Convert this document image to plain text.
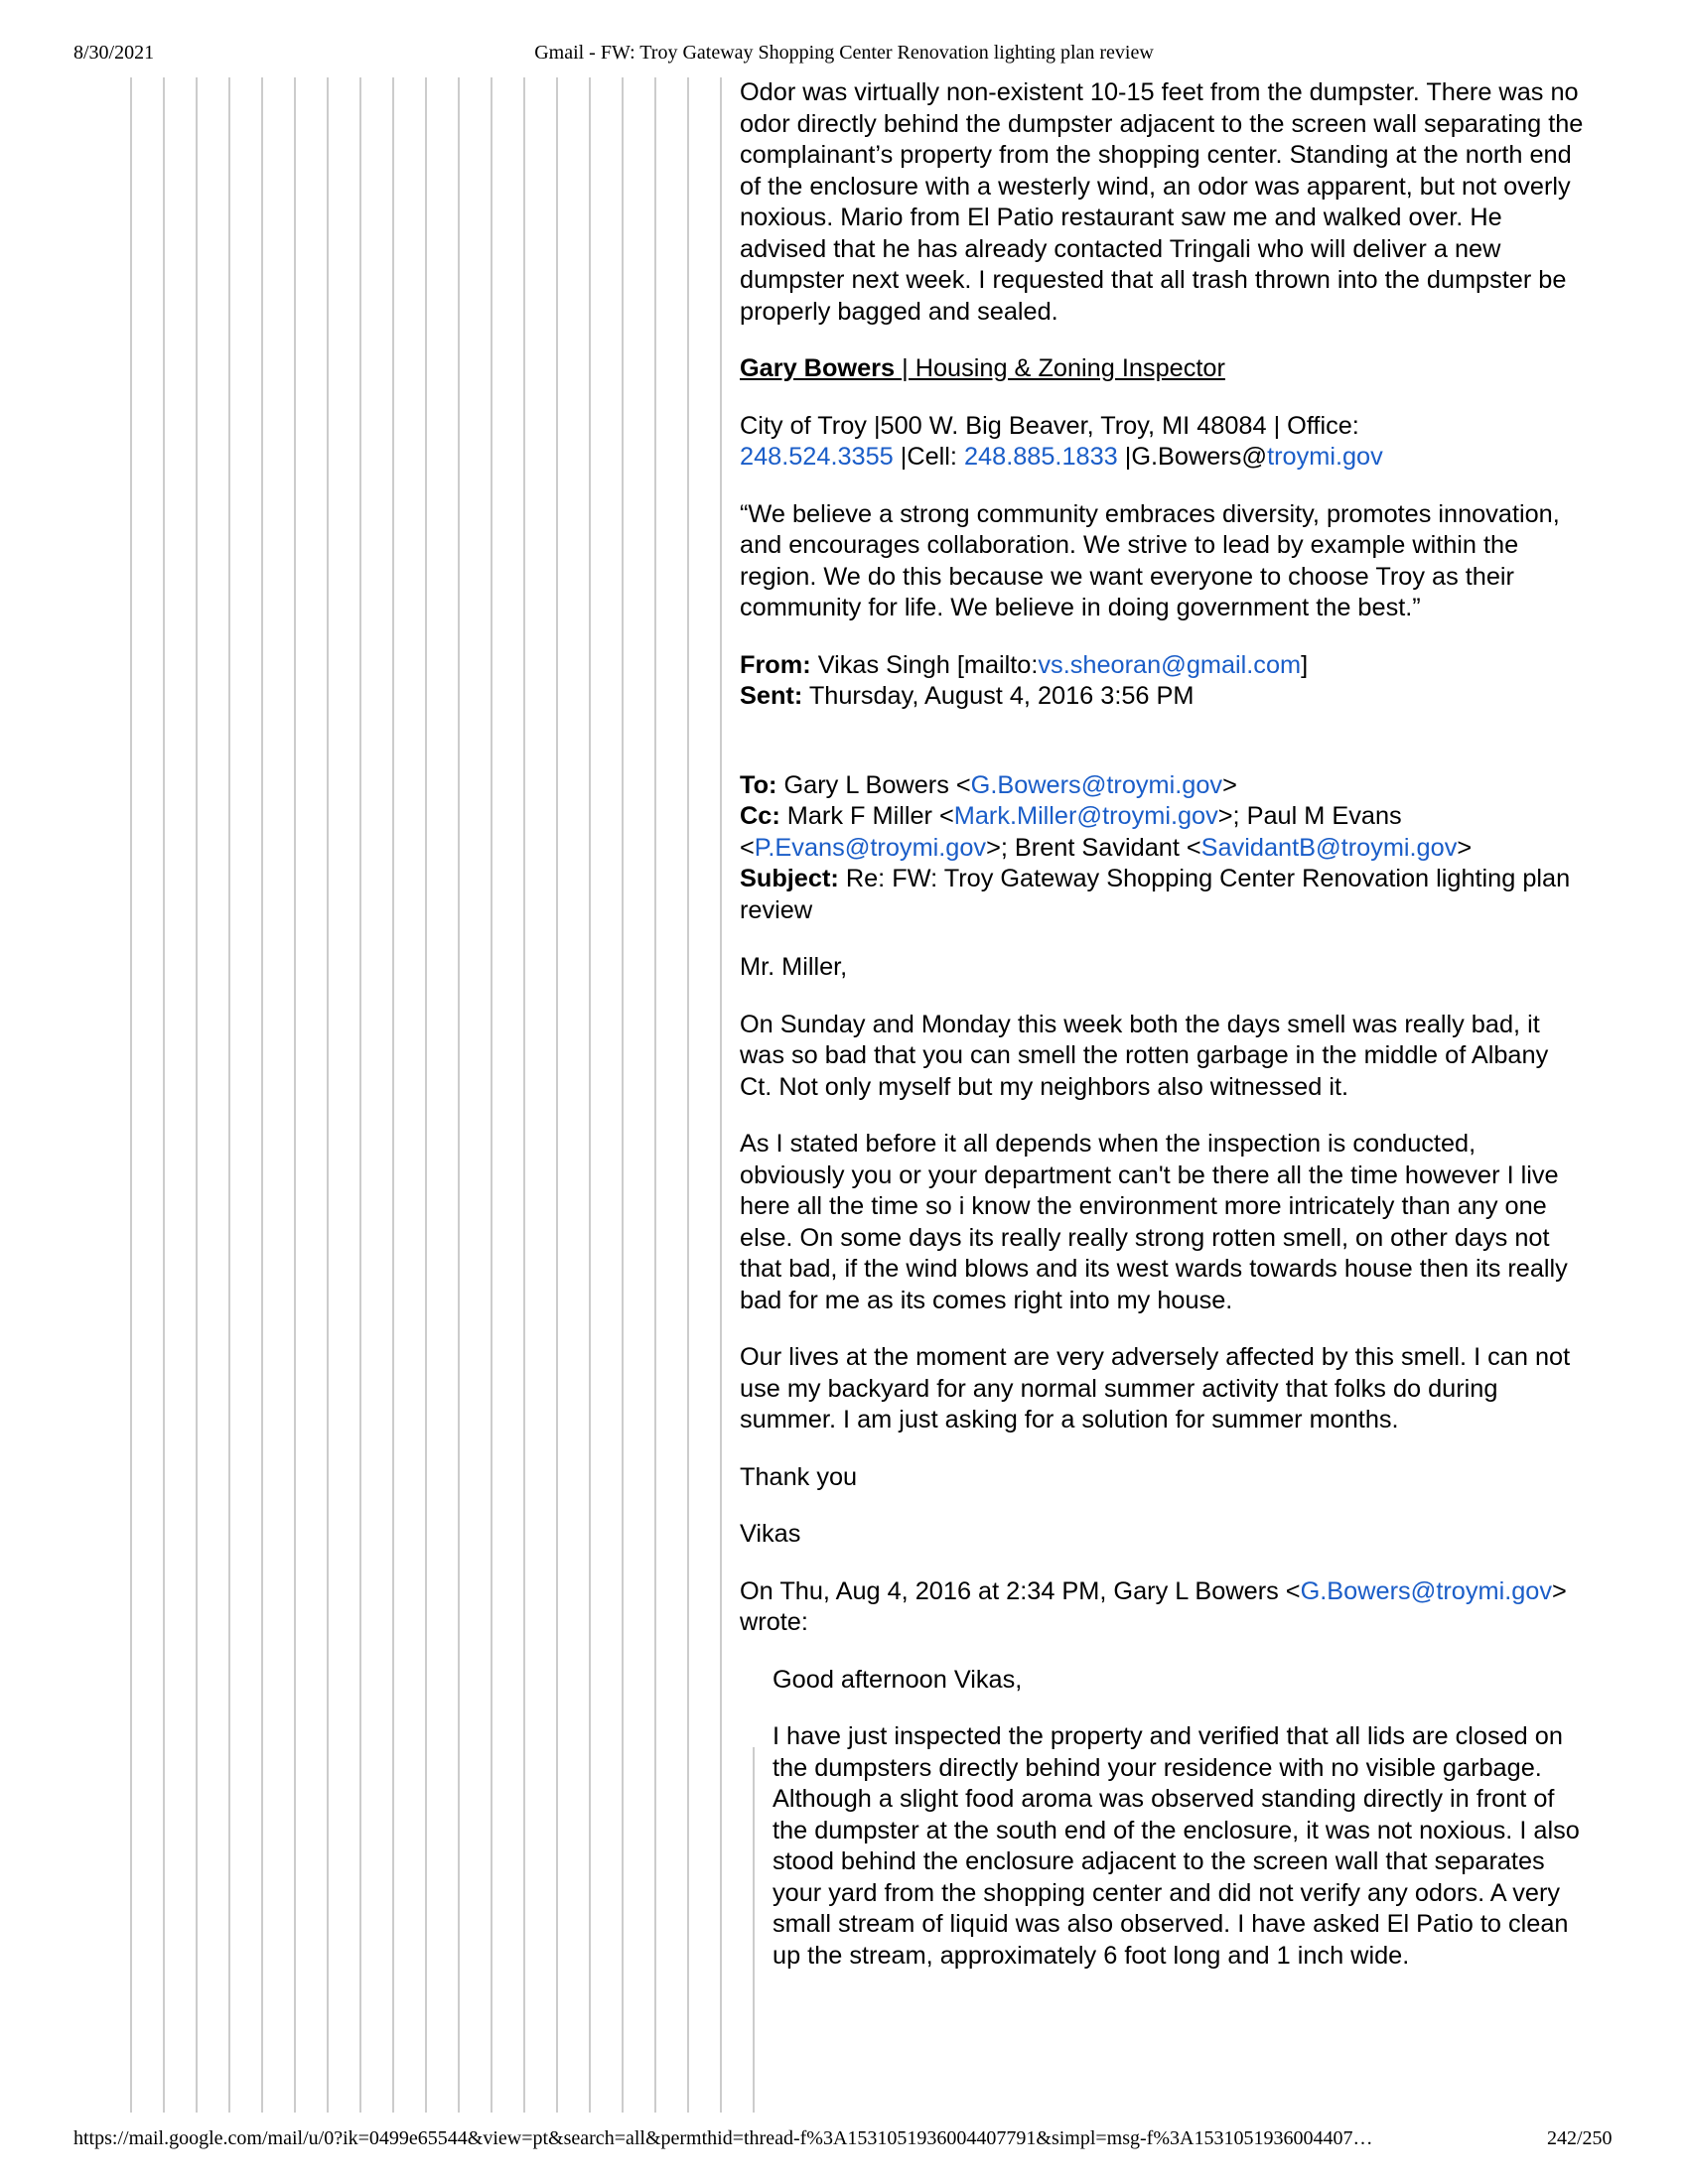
8/30/2021	Gmail - FW: Troy Gateway Shopping Center Renovation lighting plan review

Odor was virtually non-existent 10-15 feet from the dumpster. There was no odor directly behind the dumpster adjacent to the screen wall separating the complainant’s property from the shopping center. Standing at the north end of the enclosure with a westerly wind, an odor was apparent, but not overly noxious. Mario from El Patio restaurant saw me and walked over. He advised that he has already contacted Tringali who will deliver a new dumpster next week. I requested that all trash thrown into the dumpster be properly bagged and sealed.

Gary Bowers | Housing & Zoning Inspector

City of Troy |500 W. Big Beaver, Troy, MI 48084 | Office:
248.524.3355 |Cell: 248.885.1833 |G.Bowers@troymi.gov

“We believe a strong community embraces diversity, promotes innovation, and encourages collaboration. We strive to lead by example within the region. We do this because we want everyone to choose Troy as their community for life. We believe in doing government the best.”

From: Vikas Singh [mailto:vs.sheoran@gmail.com]

Sent: Thursday, August 4, 2016 3:56 PM

To: Gary L Bowers <G.Bowers@troymi.gov>

Cc: Mark F Miller <Mark.Miller@troymi.gov>; Paul M Evans <P.Evans@troymi.gov>; Brent Savidant <SavidantB@troymi.gov>

Subject: Re: FW: Troy Gateway Shopping Center Renovation lighting plan review

Mr. Miller,

On Sunday and Monday this week both the days smell was really bad, it was so bad that you can smell the rotten garbage in the middle of Albany Ct. Not only myself but my neighbors also witnessed it.

As I stated before it all depends when the inspection is conducted, obviously you or your department can't be there all the time however I live here all the time so i know the environment more intricately than any one else. On some days its really really strong rotten smell, on other days not that bad, if the wind blows and its west wards towards house then its really bad for me as its comes right into my house.

Our lives at the moment are very adversely affected by this smell. I can not use my backyard for any normal summer activity that folks do during summer. I am just asking for a solution for summer months.

Thank you

Vikas

On Thu, Aug 4, 2016 at 2:34 PM, Gary L Bowers <G.Bowers@troymi.gov> wrote:

Good afternoon Vikas,

I have just inspected the property and verified that all lids are closed on the dumpsters directly behind your residence with no visible garbage. Although a slight food aroma was observed standing directly in front of the dumpster at the south end of the enclosure, it was not noxious. I also stood behind the enclosure adjacent to the screen wall that separates your yard from the shopping center and did not verify any odors. A very small stream of liquid was also observed. I have asked El Patio to clean up the stream, approximately 6 foot long and 1 inch wide.

https://mail.google.com/mail/u/0?ik=0499e65544&view=pt&search=all&permthid=thread-f%3A1531051936004407791&simpl=msg-f%3A1531051936004407…	242/250
